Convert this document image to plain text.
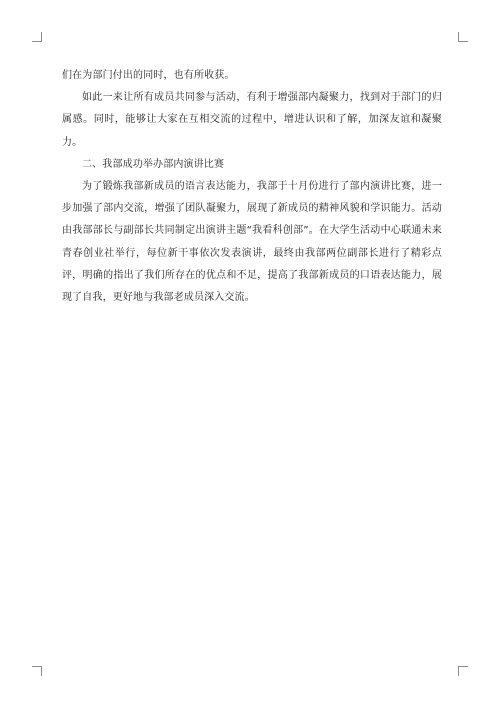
们在为部门付出的同时，也有所收获。

如此一来让所有成员共同参与活动，有利于增强部内凝聚力，找到对于部门的归属感。同时，能够让大家在互相交流的过程中，增进认识和了解，加深友谊和凝聚力。

二、我部成功举办部内演讲比赛

为了锻炼我部新成员的语言表达能力，我部于十月份进行了部内演讲比赛，进一步加强了部内交流，增强了团队凝聚力，展现了新成员的精神风貌和学识能力。活动由我部部长与副部长共同制定出演讲主题“我看科创部”。在大学生活动中心联通未来青春创业社举行，每位新干事依次发表演讲，最终由我部两位副部长进行了精彩点评，明确的指出了我们所存在的优点和不足，提高了我部新成员的口语表达能力，展现了自我，更好地与我部老成员深入交流。
